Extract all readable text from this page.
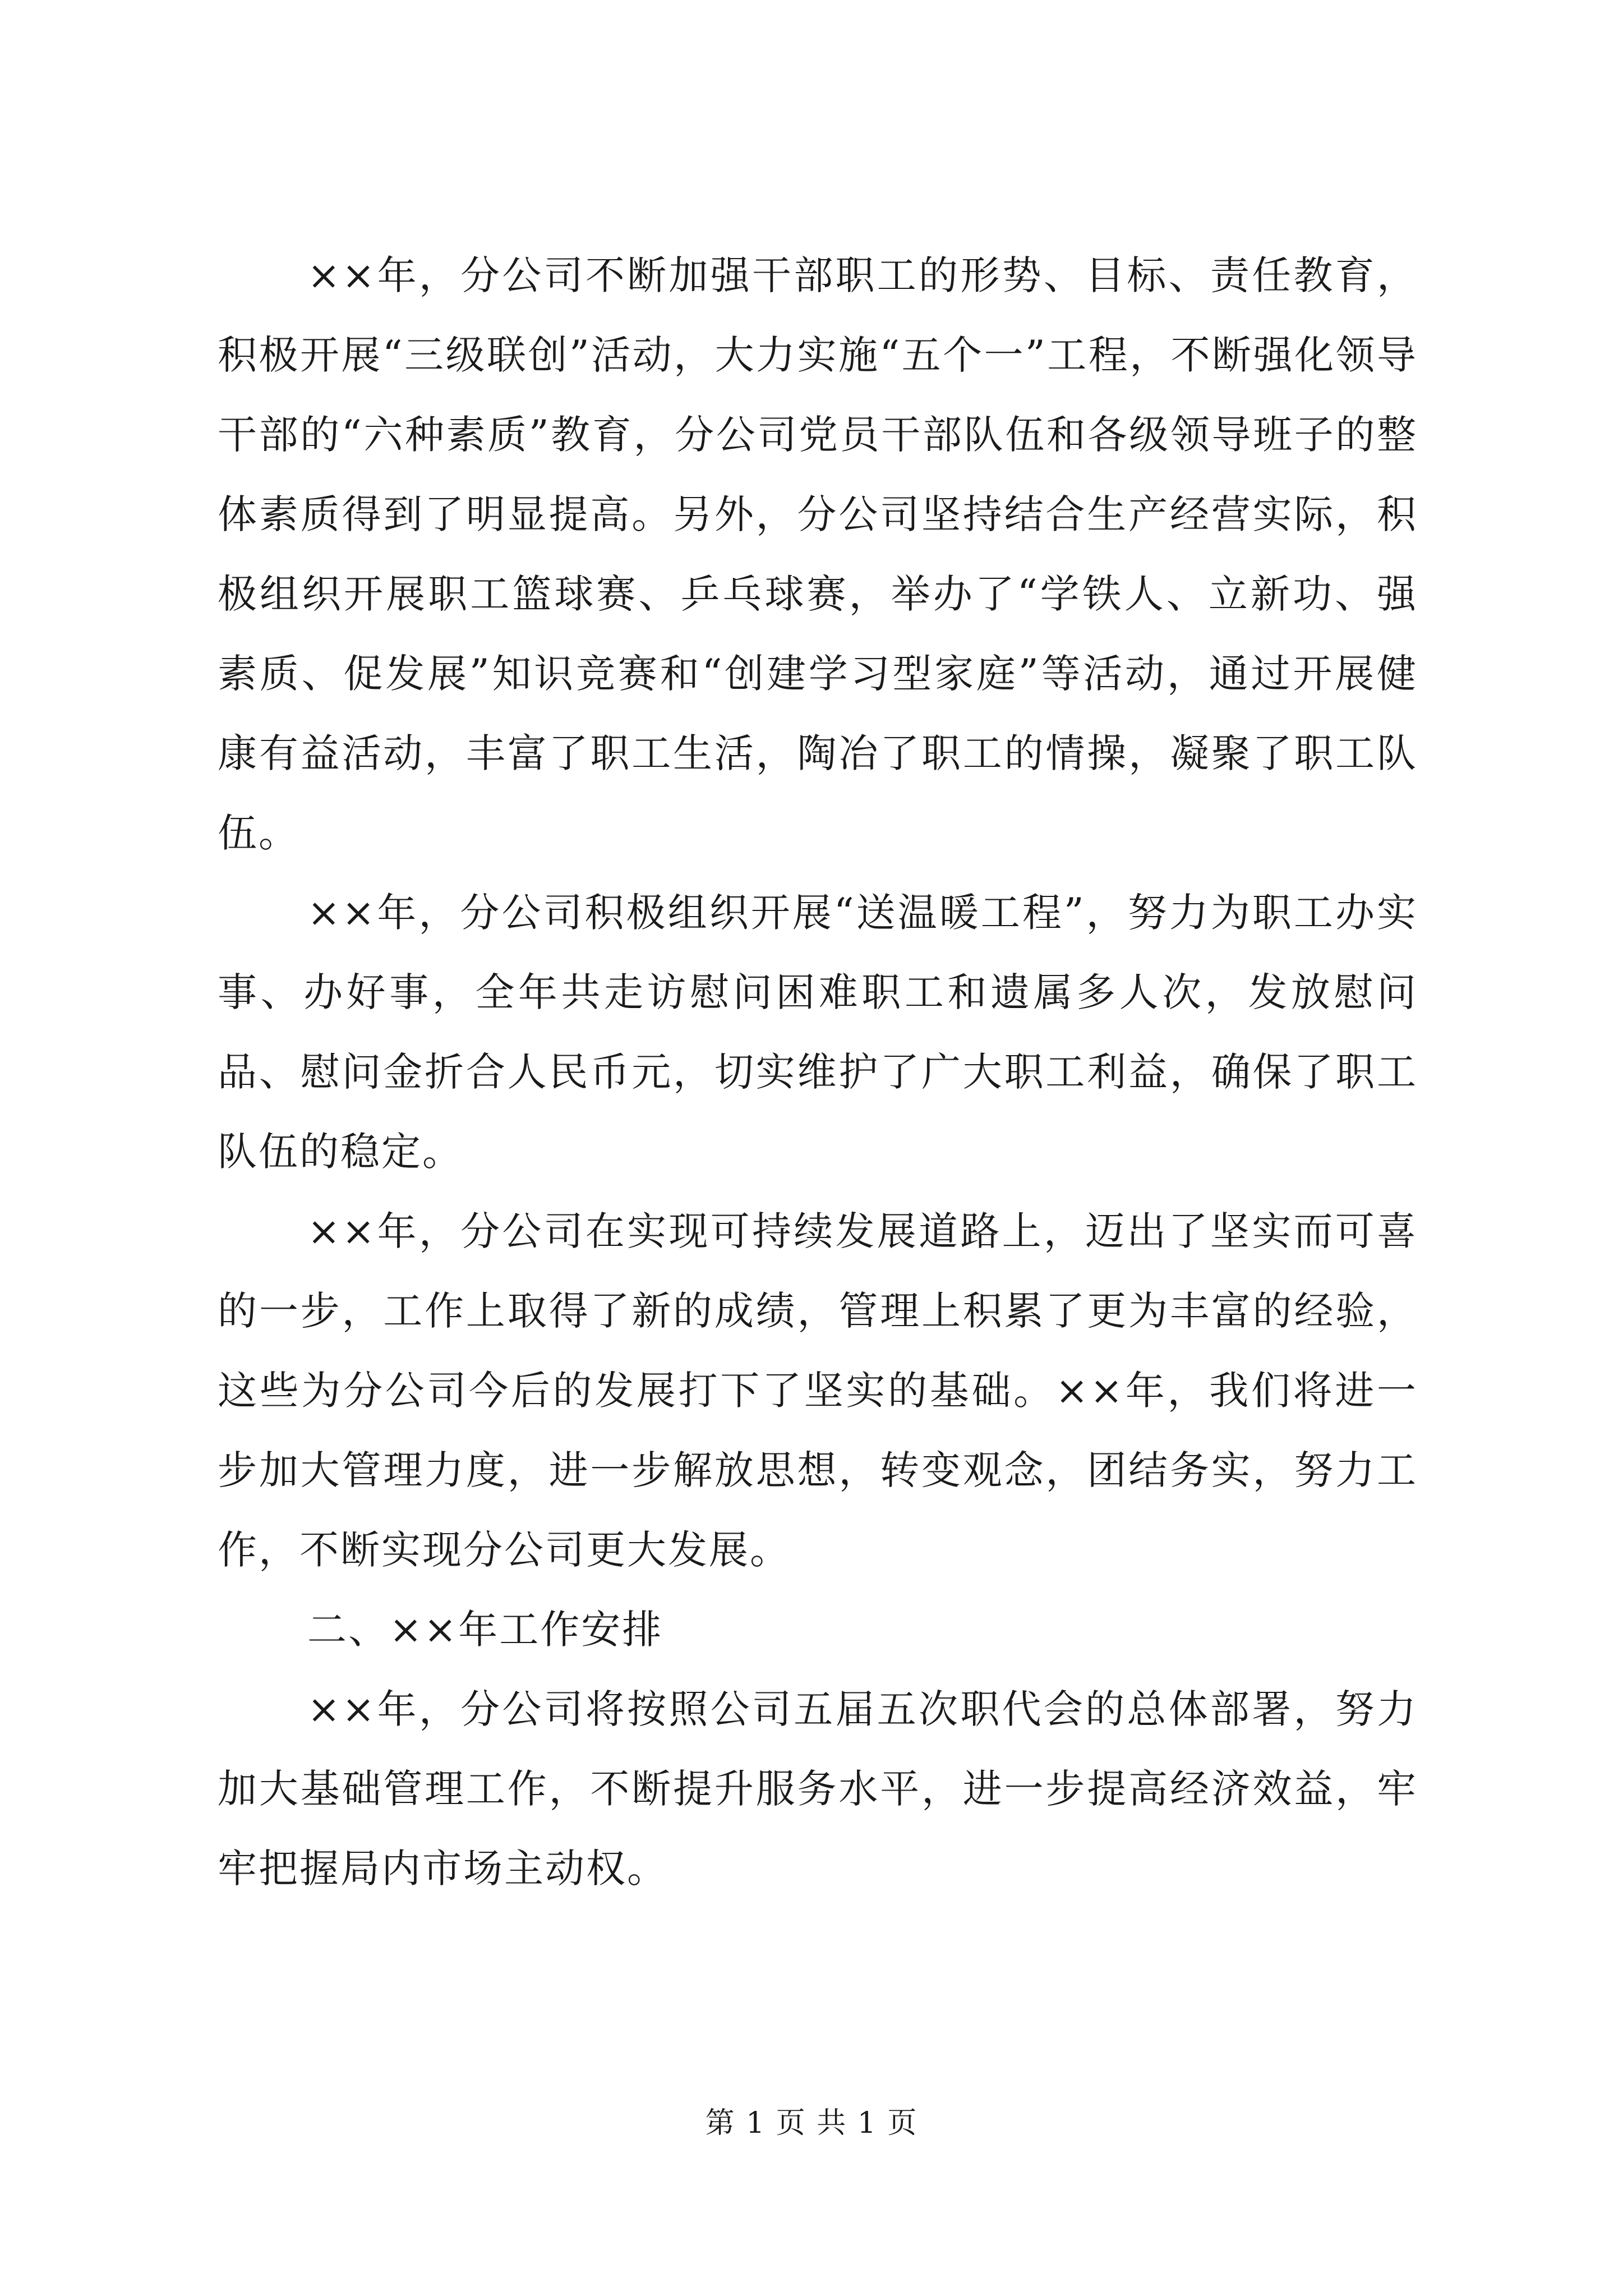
××年，分公司不断加强干部职工的形势、目标、责任教育，积极开展“三级联创”活动，大力实施“五个一”工程，不断强化领导干部的“六种素质”教育，分公司党员干部队伍和各级领导班子的整体素质得到了明显提高。另外，分公司坚持结合生产经营实际，积极组织开展职工篮球赛、乒乓球赛，举办了“学铁人、立新功、强素质、促发展”知识竞赛和“创建学习型家庭”等活动，通过开展健康有益活动，丰富了职工生活，陶冶了职工的情操，凝聚了职工队伍。

××年，分公司积极组织开展“送温暖工程”，努力为职工办实事、办好事，全年共走访慰问困难职工和遗属多人次，发放慰问品、慰问金折合人民币元，切实维护了广大职工利益，确保了职工队伍的稳定。

××年，分公司在实现可持续发展道路上，迈出了坚实而可喜的一步，工作上取得了新的成绩，管理上积累了更为丰富的经验，这些为分公司今后的发展打下了坚实的基础。××年，我们将进一步加大管理力度，进一步解放思想，转变观念，团结务实，努力工作，不断实现分公司更大发展。

二、××年工作安排

××年，分公司将按照公司五届五次职代会的总体部署，努力加大基础管理工作，不断提升服务水平，进一步提高经济效益，牢牢把握局内市场主动权。

第 1 页 共 1 页
